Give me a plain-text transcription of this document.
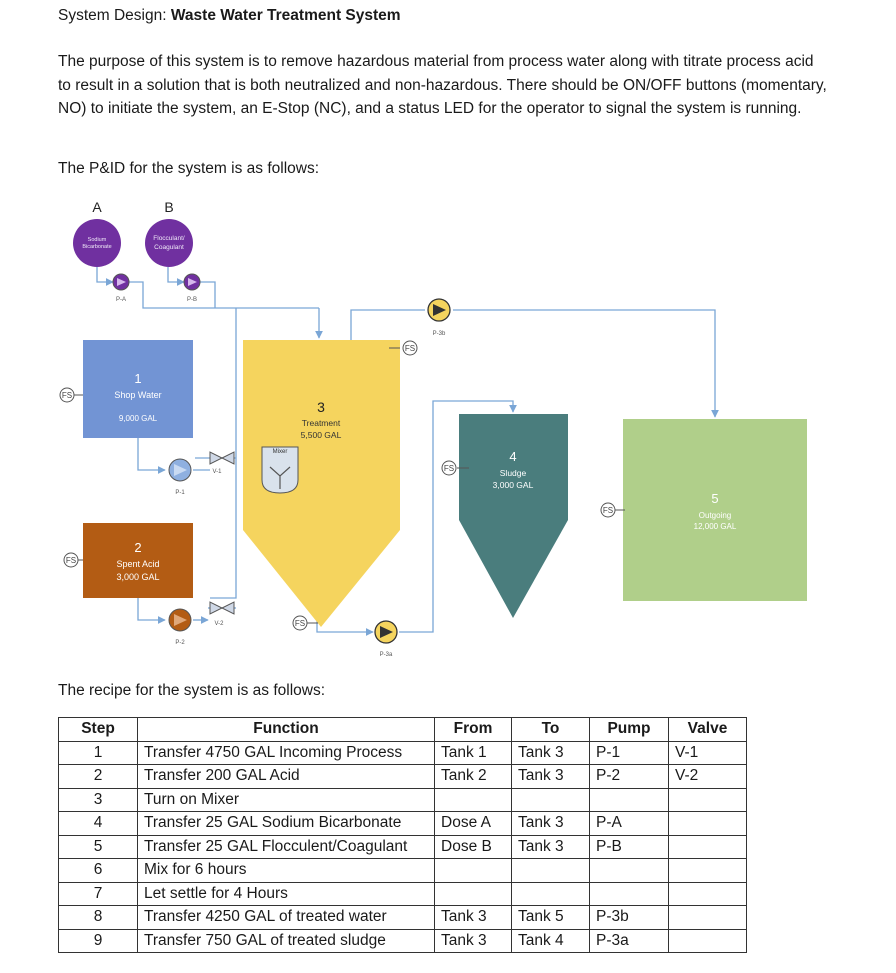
System Design: Waste Water Treatment System
The purpose of this system is to remove hazardous material from process water along with titrate process acid to result in a solution that is both neutralized and non-hazardous. There should be ON/OFF buttons (momentary, NO) to initiate the system, an E-Stop (NC), and a status LED for the operator to signal the system is running.
The P&ID for the system is as follows:
A
Sodium
Bicarbonate
B
Flocculant/
Coagulant
P-A	P-B
1
Shop Water
9,000 GAL
FS
P-1
V-1
2
Spent Acid
3,000 GAL
FS
P-2
V-2
3
Treatment
5,500 GAL
Mixer
FS
FS
P-3a
P-3b
4
Sludge
3,000 GAL
FS
5
Outgoing
12,000 GAL
FS
The recipe for the system is as follows:
Step	Function	From	To	Pump	Valve
1	Transfer 4750 GAL Incoming Process	Tank 1	Tank 3	P-1	V-1
2	Transfer 200 GAL Acid	Tank 2	Tank 3	P-2	V-2
3	Turn on Mixer				
4	Transfer 25 GAL Sodium Bicarbonate	Dose A	Tank 3	P-A	
5	Transfer 25 GAL Flocculent/Coagulant	Dose B	Tank 3	P-B	
6	Mix for 6 hours				
7	Let settle for 4 Hours				
8	Transfer 4250 GAL of treated water	Tank 3	Tank 5	P-3b	
9	Transfer 750 GAL of treated sludge	Tank 3	Tank 4	P-3a	
